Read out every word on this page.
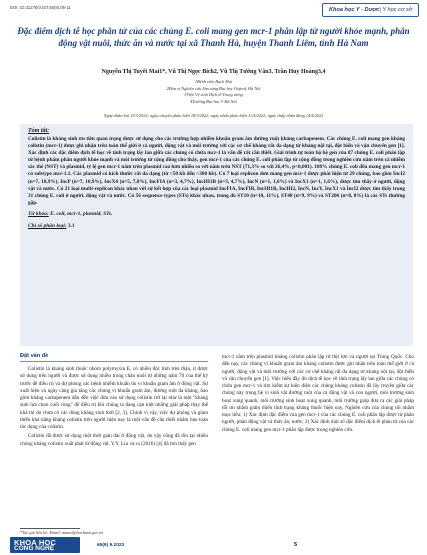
DOI: 10.31276/VJST.65(9).05-11	Khoa học Y - Dược | Y học cơ sở
Đặc điểm dịch tễ học phân tử của các chủng E. coli mang gen mcr-1 phân lập từ người khỏe mạnh, phân động vật nuôi, thức ăn và nước tại xã Thanh Hà, huyện Thanh Liêm, tỉnh Hà Nam
Nguyễn Thị Tuyết Mai1*, Vũ Thị Ngọc Bích2, Vũ Thị Tường Vân3, Trần Huy Hoàng3,4
1Bệnh viện Bạch Mai
2Đơn vị Nghiên cứu lâm sàng Đại học Oxford, Hà Nội
3Viện Vệ sinh Dịch tễ Trung ương
4Trường Đại học Y Hà Nội
Ngày nhận bài 15/3/2022; ngày chuyển phản biện 18/3/2022; ngày nhận phản biện 11/4/2022; ngày chấp nhận đăng 14/4/2022
Tóm tắt:
Colistin là kháng sinh ưu tiên quan trọng được sử dụng cho các trường hợp nhiễm khuẩn gram âm đường ruột kháng carbapenem. Các chủng E. coli mang gen kháng colistin (mcr-1) được ghi nhận trên toàn thế giới ở cả người, động vật và môi trường với các cơ chế kháng rất đa dạng từ kháng nội tại, đột biến và vận chuyển gen [1]. Xác định các đặc điểm dịch tễ học về tính trạng lây lan giữa các chủng có chứa mcr-1 là vấn đề rất cần thiết. Giải trình tự toàn bộ hệ gen của 87 chủng E. coli phân lập từ bệnh phẩm phân người khỏe mạnh và môi trường từ cộng đồng cho thấy, gen mcr-1 của các chủng E. coli phân lập từ cộng đồng trong nghiên cứu nằm trên cả nhiễm sắc thể (NST) và plasmid, tỷ lệ gen mcr-1 nằm trên plasmid cao hơn nhiều so với nằm trên NST (71,3% so với 26,4%, p<0,001). 100% chủng E. coli đều mang gen mcr-1 có subtype mcr-1.1. Các plasmid có kích thước rất đa dạng (từ <50 kb đến >300 kb). Có 7 loại replicon đơn mang gen mcr-1 được phát hiện từ 29 chủng, bao gồm IncI2 (n=7, 10,9%), IncP (n=7, 10,9%), IncX4 (n=5, 7,8%), IncFIA (n=3, 4,7%), IncHI1B (n=3, 4,7%), IncN (n=1, 1,6%) và IncX1 (n=1, 1,6%), được tìm thấy ở người, động vật và nước. Có 21 loại multi-replicon khác nhau với sự kết hợp của các loại plasmid IncFIA, IncFIB, IncHI1B, IncHI2, IncN, IncY, IncX1 và IncI2 được tìm thấy trong 31 chủng E. coli ở người, động vật và nước. Có 56 sequence types (STs) khác nhau, trong đó ST10 (n=10, 11%), ST48 (n=9, 9%) và ST206 (n=8, 8%) là các STs thường gặp.
Từ khóa: E. coli, mcr-1, plasmid, STs.
Chỉ số phân loại: 3.1
Đặt vấn đề

Colistin là kháng sinh thuộc nhóm polymyxin E, có nhiều độc tính trên thận, ít được sử dụng trên người và được sử dụng nhiều trong chăn nuôi từ những năm 70 của thế kỷ trước để điều trị và dự phòng các bệnh nhiễm khuẩn do vi khuẩn gram âm ở động vật. Sự xuất hiện và ngày càng gia tăng các chủng vi khuẩn gram âm, đường ruột đa kháng, bao gồm kháng carbapenem dẫn đến việc đưa vào sử dụng colistin trở lại như là một "kháng sinh lựa chọn cuối cùng" để điều trị khi chúng ta đang cạn kiệt những giải pháp thay thế khả thi do chưa có các dòng kháng sinh mới [2, 3]. Chính vì vậy, việc dự phòng và giám thiểu khả năng kháng colistin trên người hiện nay là một vấn đề cần thiết nhằm bảo toàn tác dụng của colistin.

Colistin đã được sử dụng một thời gian dài ở động vật, do vậy cũng đã tồn tại nhiều chủng kháng colistin xuất phát từ động vật. Y.Y. Liu và cs (2016) [4] đã tìm thấy gen

mcr-1 nằm trên plasmid kháng colistin phân lập từ thịt lợn và người tại Trung Quốc. Cho đến nay, các chủng vi khuẩn gram âm kháng colistin được ghi nhận trên toàn thế giới ở cả người, động vật và môi trường với các cơ chế kháng rất đa dạng từ kháng nội tại, đột biến và vận chuyển gen [1]. Việc hiểu đầy đủ dịch tễ học về tính trạng lây lan giữa các chủng có chứa gen mcr-1 và tìm kiếm sự hiện diện các chủng kháng colistin đã lây truyền giữa các chủng này trong hệ vi sinh vật đường ruột của cả động vật và con người, môi trường sinh hoạt xung quanh, môi trường sinh hoạt xung quanh, môi trường giúp đưa ra các giải pháp tối ưu nhằm giảm thiểu tình trạng kháng thuốc hiện nay. Nghiên cứu của chúng tôi nhằm mục tiêu: 1) Xác định đặc điểm của gen mcr-1 của các chủng E. coli phân lập được từ phân người, phân động vật và thức ăn, nước; 2) Xác định một số đặc điểm dịch tễ phân tử của các chủng E. coli mang gen mcr-1 phân lập được trong nghiên cứu.

*Tác giả liên hệ: Email: nttmai@bachmai.gov.vn
KHOA HỌC
CÔNG NGHỆ	65(9) 9.2023	5
